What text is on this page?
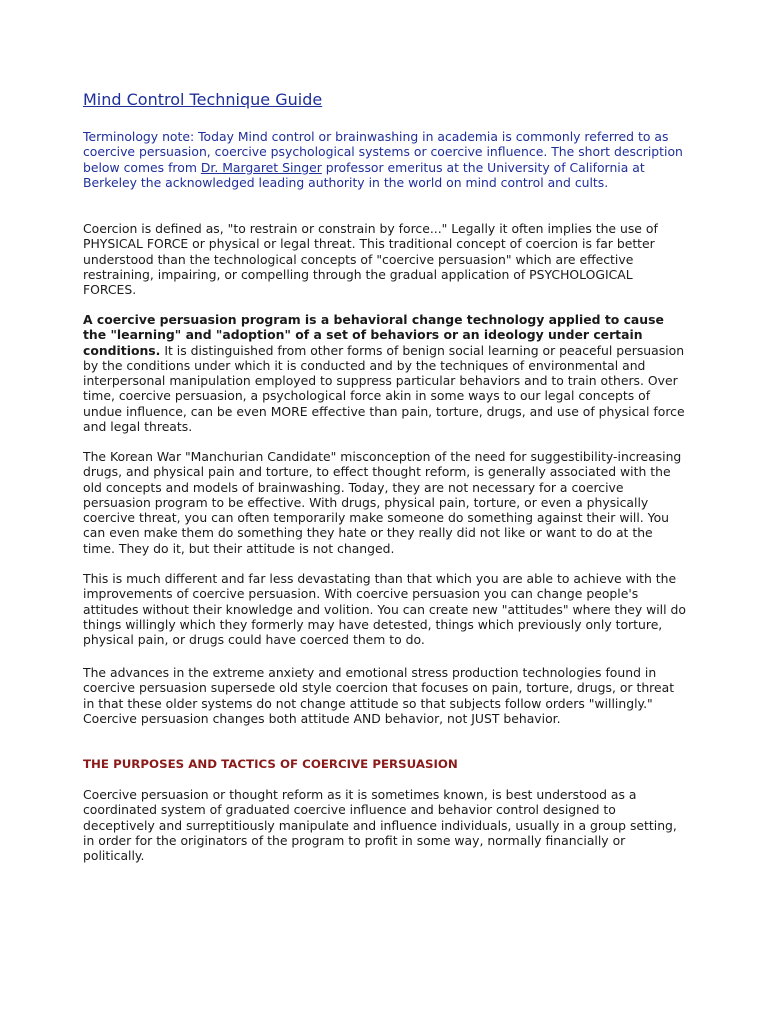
Mind Control Technique Guide

Terminology note: Today Mind control or brainwashing in academia is commonly referred to as coercive persuasion, coercive psychological systems or coercive influence. The short description below comes from Dr. Margaret Singer professor emeritus at the University of California at Berkeley the acknowledged leading authority in the world on mind control and cults.

Coercion is defined as, "to restrain or constrain by force..." Legally it often implies the use of PHYSICAL FORCE or physical or legal threat. This traditional concept of coercion is far better understood than the technological concepts of "coercive persuasion" which are effective restraining, impairing, or compelling through the gradual application of PSYCHOLOGICAL FORCES.

A coercive persuasion program is a behavioral change technology applied to cause the "learning" and "adoption" of a set of behaviors or an ideology under certain conditions. It is distinguished from other forms of benign social learning or peaceful persuasion by the conditions under which it is conducted and by the techniques of environmental and interpersonal manipulation employed to suppress particular behaviors and to train others. Over time, coercive persuasion, a psychological force akin in some ways to our legal concepts of undue influence, can be even MORE effective than pain, torture, drugs, and use of physical force and legal threats.

The Korean War "Manchurian Candidate" misconception of the need for suggestibility-increasing drugs, and physical pain and torture, to effect thought reform, is generally associated with the old concepts and models of brainwashing. Today, they are not necessary for a coercive persuasion program to be effective. With drugs, physical pain, torture, or even a physically coercive threat, you can often temporarily make someone do something against their will. You can even make them do something they hate or they really did not like or want to do at the time. They do it, but their attitude is not changed.

This is much different and far less devastating than that which you are able to achieve with the improvements of coercive persuasion. With coercive persuasion you can change people's attitudes without their knowledge and volition. You can create new "attitudes" where they will do things willingly which they formerly may have detested, things which previously only torture, physical pain, or drugs could have coerced them to do.

The advances in the extreme anxiety and emotional stress production technologies found in coercive persuasion supersede old style coercion that focuses on pain, torture, drugs, or threat in that these older systems do not change attitude so that subjects follow orders "willingly." Coercive persuasion changes both attitude AND behavior, not JUST behavior.

THE PURPOSES AND TACTICS OF COERCIVE PERSUASION

Coercive persuasion or thought reform as it is sometimes known, is best understood as a coordinated system of graduated coercive influence and behavior control designed to deceptively and surreptitiously manipulate and influence individuals, usually in a group setting, in order for the originators of the program to profit in some way, normally financially or politically.
